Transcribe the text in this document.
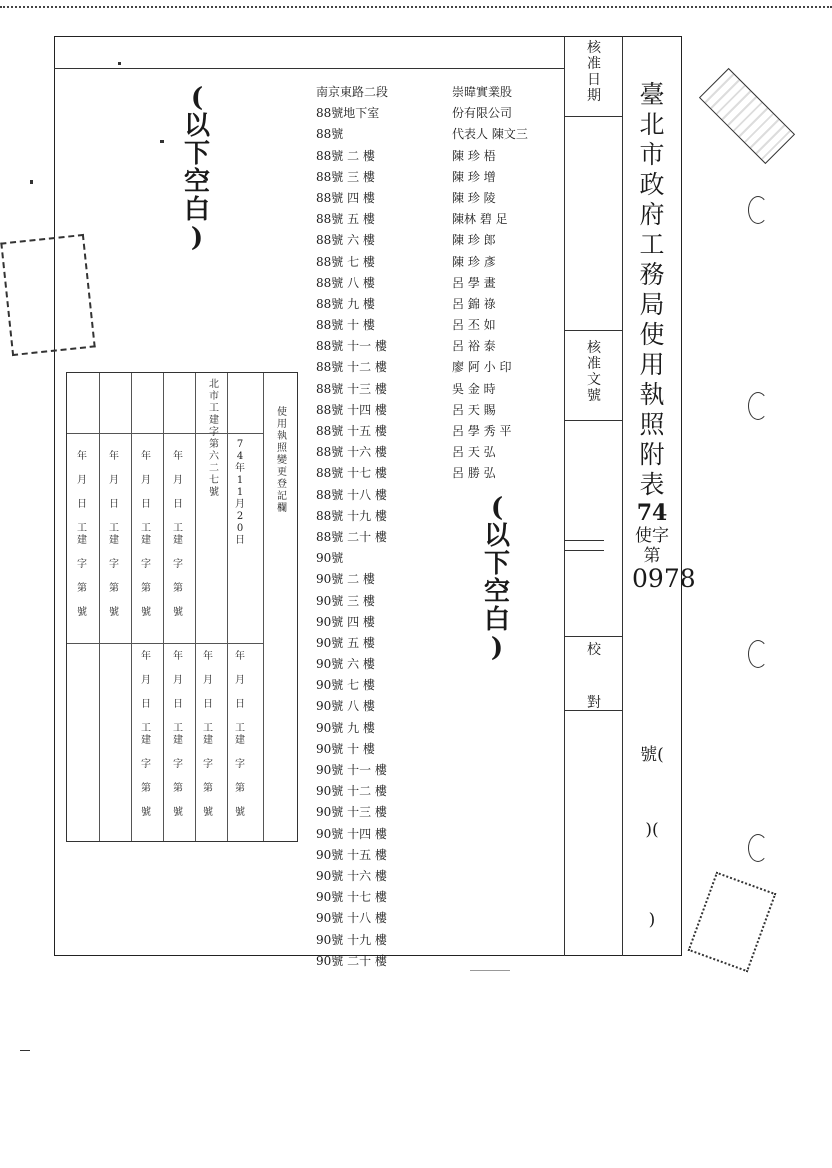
核
准
日
期
核
准
文
號
校
對
臺
北
市
政
府
工
務
局
使
用
執
照
附
表
74
使字第
0978
號(
)(
)
南京東路二段
88號地下室
88號
88號 二 樓
88號 三 樓
88號 四 樓
88號 五 樓
88號 六 樓
88號 七 樓
88號 八 樓
88號 九 樓
88號 十 樓
88號 十一 樓
88號 十二 樓
88號 十三 樓
88號 十四 樓
88號 十五 樓
88號 十六 樓
88號 十七 樓
88號 十八 樓
88號 十九 樓
88號 二十 樓
90號
90號 二 樓
90號 三 樓
90號 四 樓
90號 五 樓
90號 六 樓
90號 七 樓
90號 八 樓
90號 九 樓
90號 十 樓
90號 十一 樓
90號 十二 樓
90號 十三 樓
90號 十四 樓
90號 十五 樓
90號 十六 樓
90號 十七 樓
90號 十八 樓
90號 十九 樓
90號 二十 樓
崇暐實業股
份有限公司
代表人 陳文三
陳 珍 梧
陳 珍 增
陳 珍 陵
陳林 碧 足
陳 珍 郎
陳 珍 彥
呂 學 畫
呂 錦 祿
呂 丕 如
呂 裕 泰
廖 阿 小 印
吳 金 時
呂 天 賜
呂 學 秀 平
呂 天 弘
呂 勝 弘
(
以
下
空
白
)
(
以
下
空
白
)
使
用
執
照
變
更
登
記
欄
7
4
年
1
1
月
2
0
日
北
市
工
建
字
第
六
二
七
號
年

月

日

工
建

字

第

號
年

月

日

工
建

字

第

號
年

月

日

工
建

字

第

號
年

月

日

工
建

字

第

號
年

月

日

工
建

字

第

號
年

月

日

工
建

字

第

號
年

月

日

工
建

字

第

號
年

月

日

工
建

字

第

號
